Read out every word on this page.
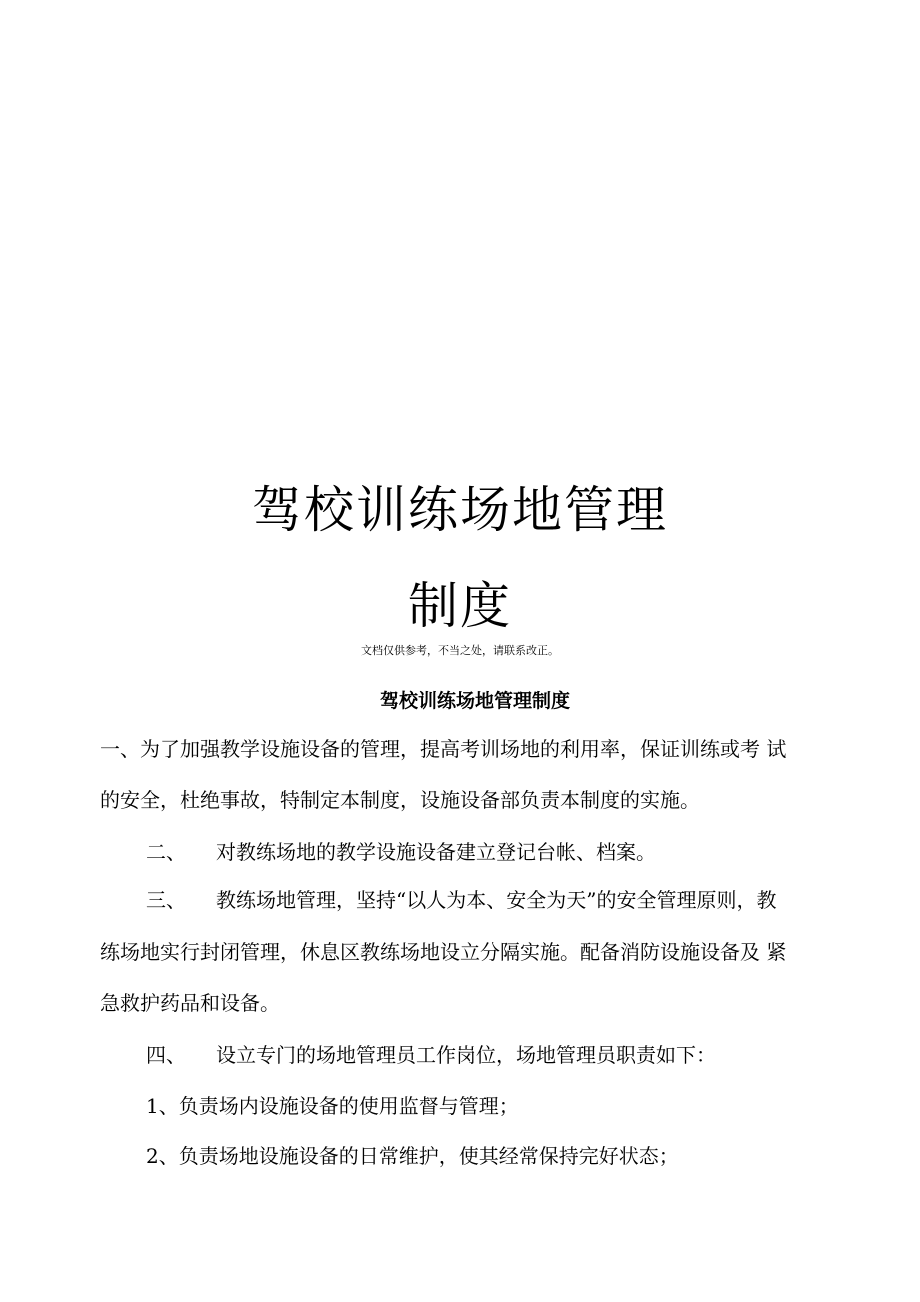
驾校训练场地管理
制度
文档仅供参考，不当之处，请联系改正。
驾校训练场地管理制度
一、为了加强教学设施设备的管理，提高考训场地的利用率，保证训练或考 试
的安全，杜绝事故，特制定本制度，设施设备部负责本制度的实施。
二、 对教练场地的教学设施设备建立登记台帐、档案。
三、 教练场地管理，坚持“以人为本、安全为天”的安全管理原则，教
练场地实行封闭管理，休息区教练场地设立分隔实施。配备消防设施设备及 紧
急救护药品和设备。
四、 设立专门的场地管理员工作岗位，场地管理员职责如下：
1、负责场内设施设备的使用监督与管理；
2、负责场地设施设备的日常维护，使其经常保持完好状态；
